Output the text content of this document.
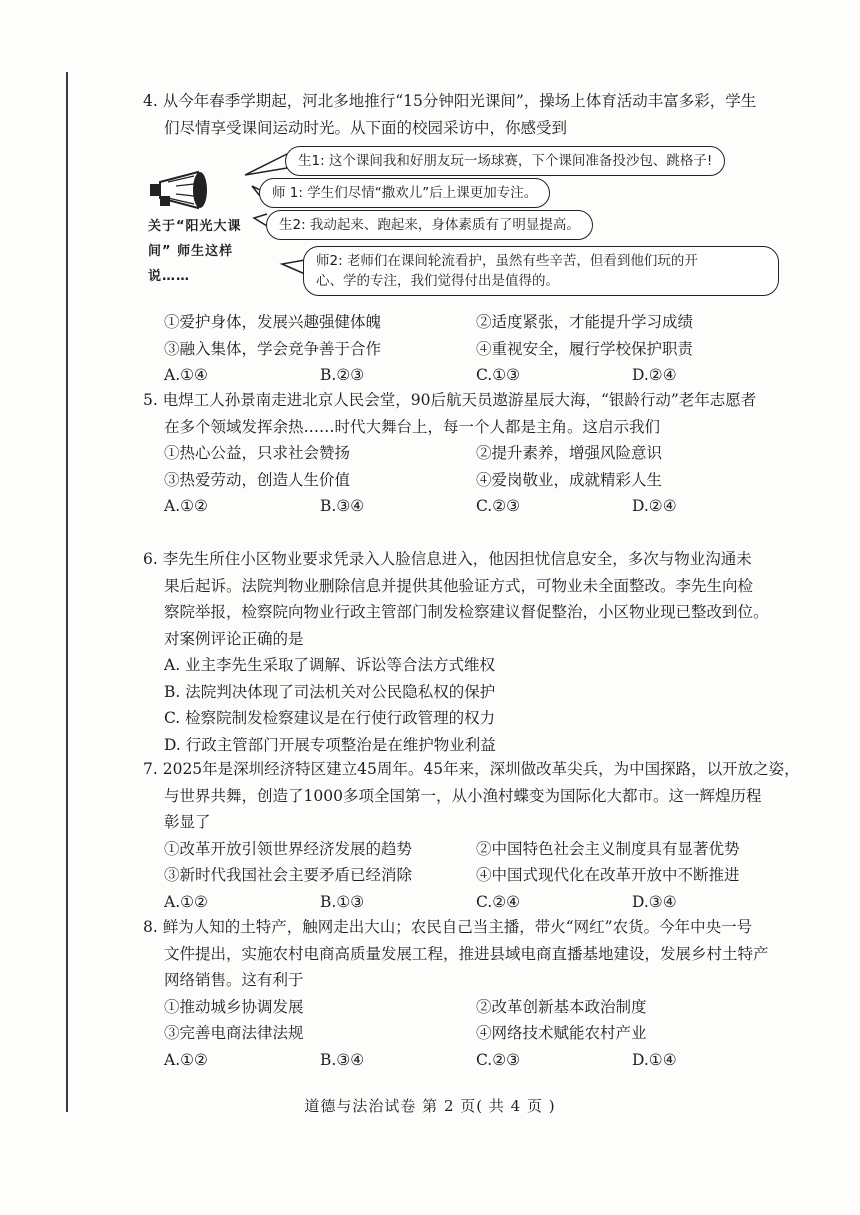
4. 从今年春季学期起，河北多地推行“15分钟阳光课间”，操场上体育活动丰富多彩，学生
们尽情享受课间运动时光。从下面的校园采访中，你感受到
关于“阳光大课
间” 师生这样
说……
生1: 这个课间我和好朋友玩一场球赛，下个课间准备投沙包、跳格子!
师 1: 学生们尽情“撒欢儿”后上课更加专注。
生2: 我动起来、跑起来，身体素质有了明显提高。
师2: 老师们在课间轮流看护，虽然有些辛苦，但看到他们玩的开
心、学的专注，我们觉得付出是值得的。
①爱护身体，发展兴趣强健体魄	②适度紧张，才能提升学习成绩
③融入集体，学会竞争善于合作	④重视安全，履行学校保护职责
A.①④	B.②③	C.①③	D.②④
5. 电焊工人孙景南走进北京人民会堂，90后航天员遨游星辰大海，“银龄行动”老年志愿者
在多个领域发挥余热……时代大舞台上，每一个人都是主角。这启示我们
①热心公益，只求社会赞扬	②提升素养，增强风险意识
③热爱劳动，创造人生价值	④爱岗敬业，成就精彩人生
A.①②	B.③④	C.②③	D.②④
6. 李先生所住小区物业要求凭录入人脸信息进入，他因担忧信息安全，多次与物业沟通未
果后起诉。法院判物业删除信息并提供其他验证方式，可物业未全面整改。李先生向检
察院举报，检察院向物业行政主管部门制发检察建议督促整治，小区物业现已整改到位。
对案例评论正确的是
A. 业主李先生采取了调解、诉讼等合法方式维权
B. 法院判决体现了司法机关对公民隐私权的保护
C. 检察院制发检察建议是在行使行政管理的权力
D. 行政主管部门开展专项整治是在维护物业利益
7. 2025年是深圳经济特区建立45周年。45年来，深圳做改革尖兵，为中国探路，以开放之姿，
与世界共舞，创造了1000多项全国第一，从小渔村蝶变为国际化大都市。这一辉煌历程
彰显了
①改革开放引领世界经济发展的趋势	②中国特色社会主义制度具有显著优势
③新时代我国社会主要矛盾已经消除	④中国式现代化在改革开放中不断推进
A.①②	B.①③	C.②④	D.③④
8. 鲜为人知的土特产，触网走出大山；农民自己当主播，带火“网红”农货。今年中央一号
文件提出，实施农村电商高质量发展工程，推进县域电商直播基地建设，发展乡村土特产
网络销售。这有利于
①推动城乡协调发展	②改革创新基本政治制度
③完善电商法律法规	④网络技术赋能农村产业
A.①②	B.③④	C.②③	D.①④
道德与法治试卷 第 2 页( 共 4 页 )
